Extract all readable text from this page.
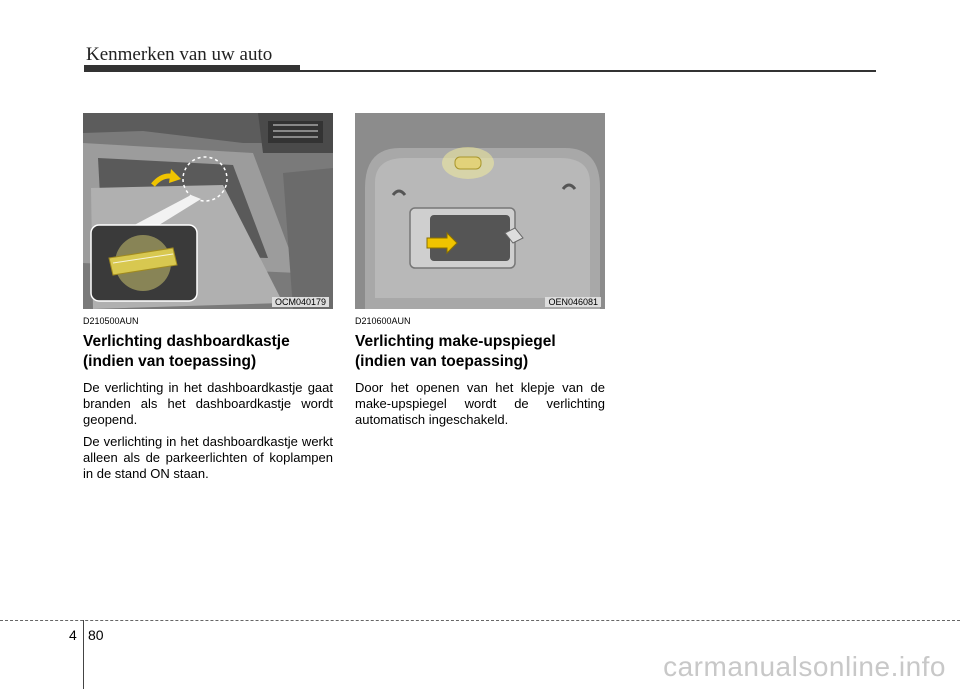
Kenmerken van uw auto
OCM040179	OEN046081

D210500AUN

Verlichting dashboardkastje
(indien van toepassing)

De verlichting in het dashboardkastje gaat branden als het dashboardkastje wordt geopend.

De verlichting in het dashboardkastje werkt alleen als de parkeerlichten of koplampen in de stand ON staan.

D210600AUN

Verlichting make-upspiegel
(indien van toepassing)

Door het openen van het klepje van de make-upspiegel wordt de verlichting automatisch ingeschakeld.

4 80
carmanualsonline.info
